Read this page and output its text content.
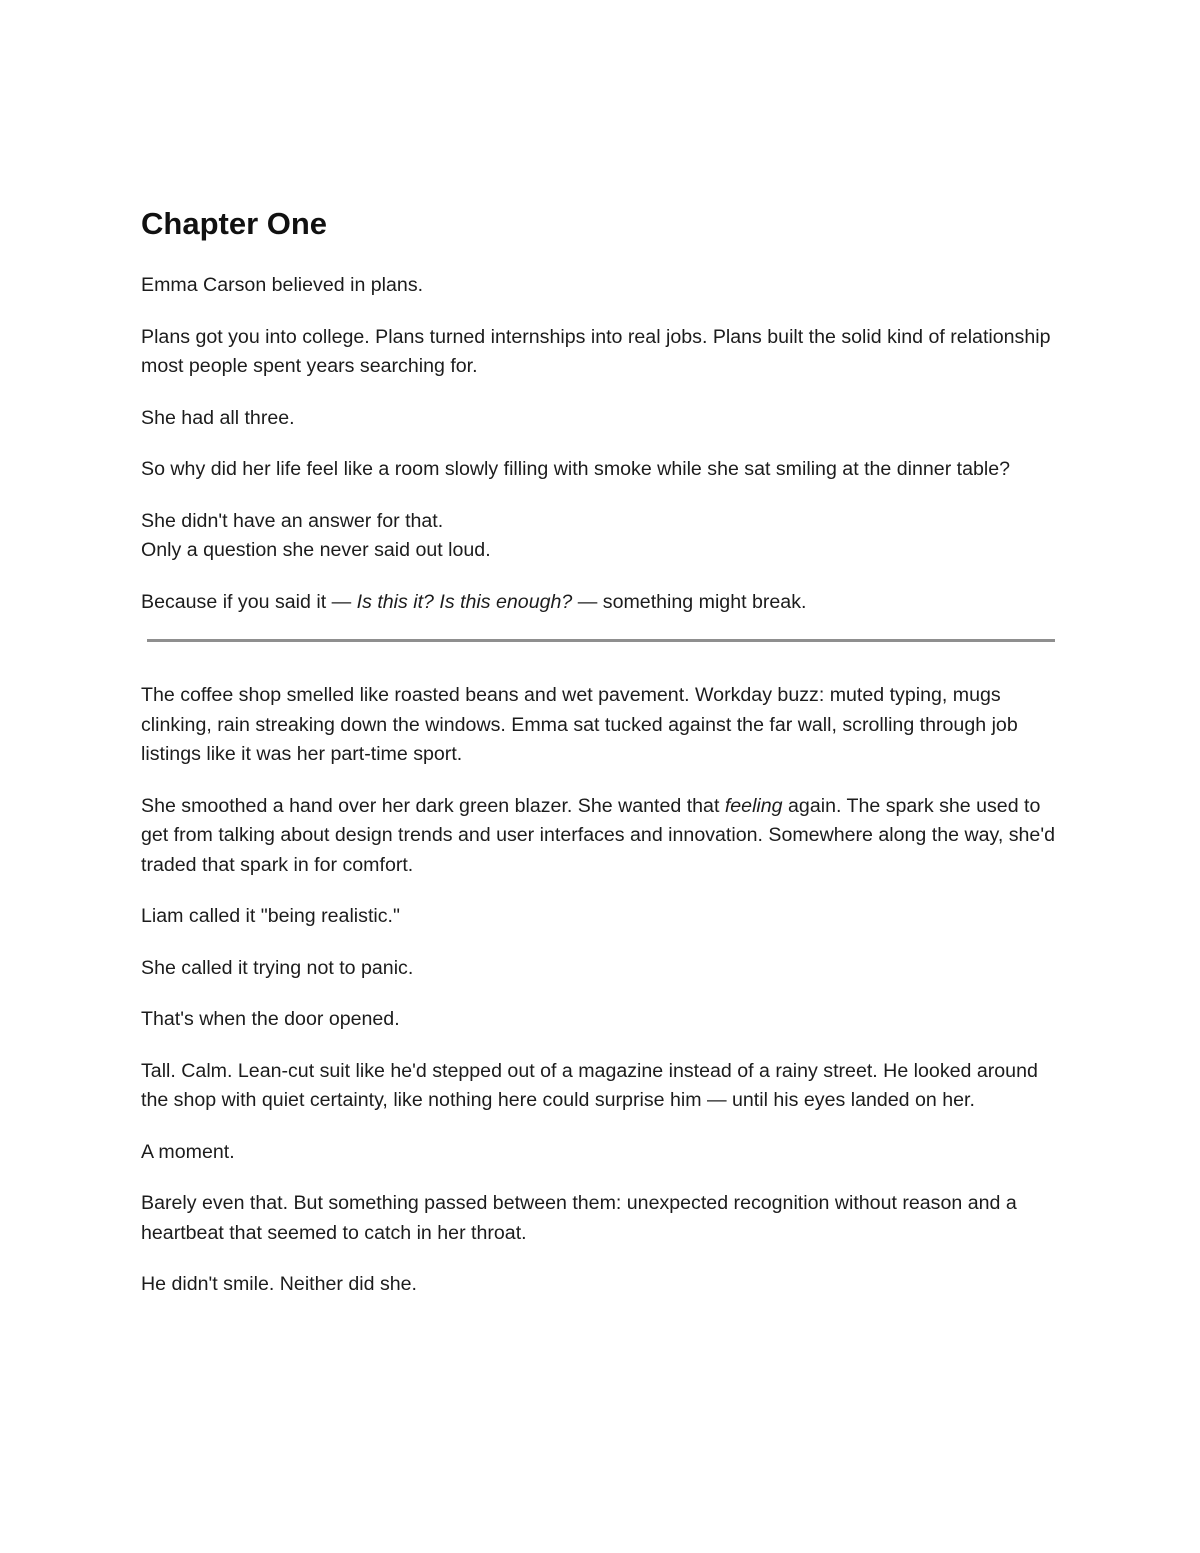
Chapter One

Emma Carson believed in plans.

Plans got you into college. Plans turned internships into real jobs. Plans built the solid kind of relationship most people spent years searching for.

She had all three.

So why did her life feel like a room slowly filling with smoke while she sat smiling at the dinner table?

She didn't have an answer for that.
Only a question she never said out loud.

Because if you said it — Is this it? Is this enough? — something might break.

The coffee shop smelled like roasted beans and wet pavement. Workday buzz: muted typing, mugs clinking, rain streaking down the windows. Emma sat tucked against the far wall, scrolling through job listings like it was her part-time sport.

She smoothed a hand over her dark green blazer. She wanted that feeling again. The spark she used to get from talking about design trends and user interfaces and innovation. Somewhere along the way, she'd traded that spark in for comfort.

Liam called it "being realistic."

She called it trying not to panic.

That's when the door opened.

Tall. Calm. Lean-cut suit like he'd stepped out of a magazine instead of a rainy street. He looked around the shop with quiet certainty, like nothing here could surprise him — until his eyes landed on her.

A moment.

Barely even that. But something passed between them: unexpected recognition without reason and a heartbeat that seemed to catch in her throat.

He didn't smile. Neither did she.
